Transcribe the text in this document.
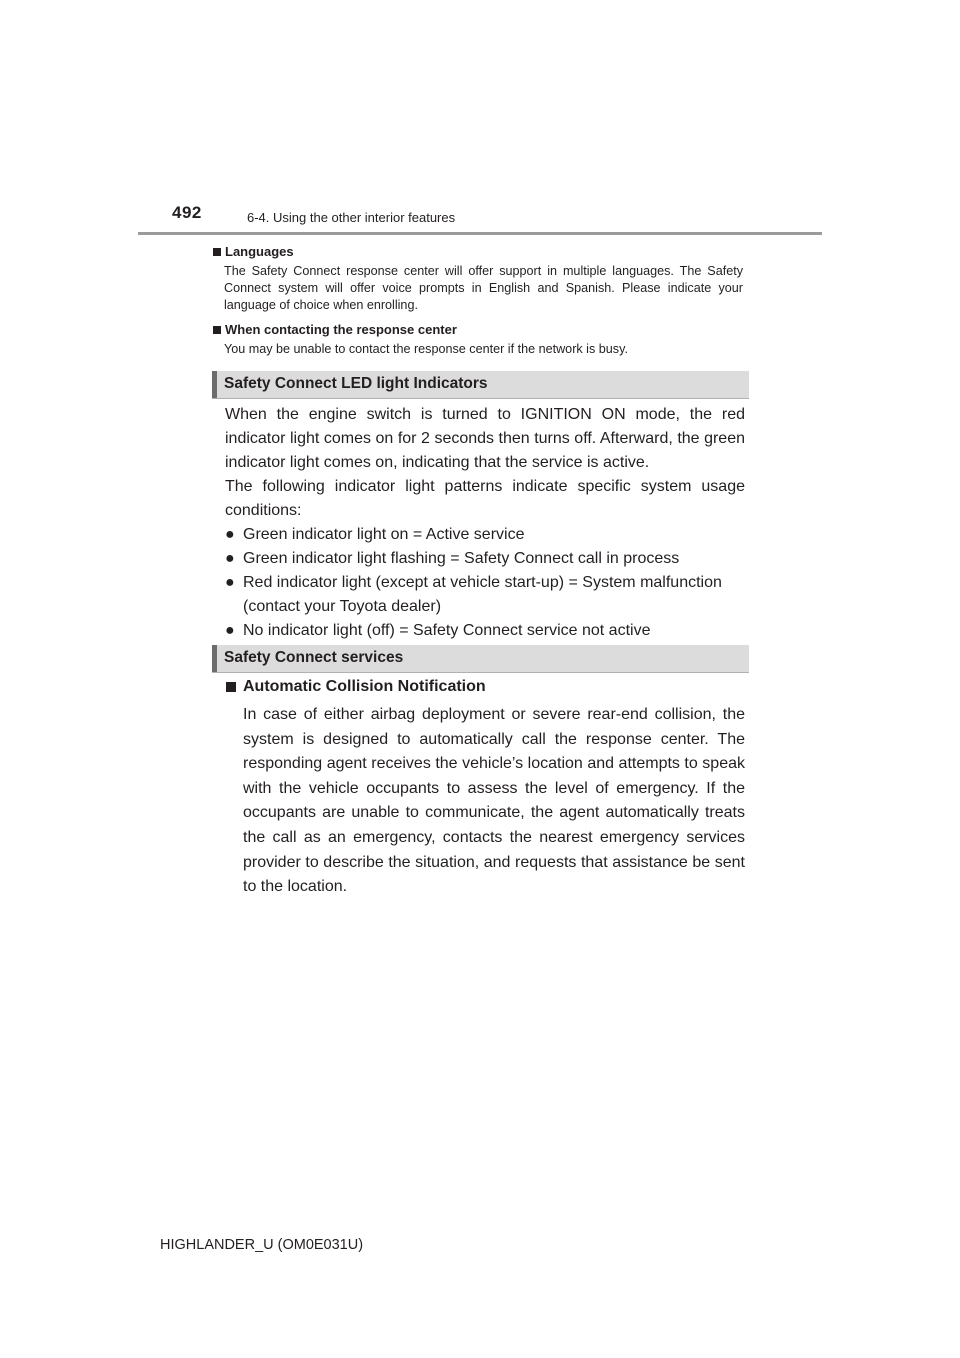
492	6-4. Using the other interior features
Languages
The Safety Connect response center will offer support in multiple languages. The Safety Connect system will offer voice prompts in English and Spanish. Please indicate your language of choice when enrolling.
When contacting the response center
You may be unable to contact the response center if the network is busy.
Safety Connect LED light Indicators

When the engine switch is turned to IGNITION ON mode, the red indicator light comes on for 2 seconds then turns off. Afterward, the green indicator light comes on, indicating that the service is active.

The following indicator light patterns indicate specific system usage conditions:

● Green indicator light on = Active service
● Green indicator light flashing = Safety Connect call in process
● Red indicator light (except at vehicle start-up) = System malfunction (contact your Toyota dealer)
● No indicator light (off) = Safety Connect service not active
Safety Connect services
Automatic Collision Notification
In case of either airbag deployment or severe rear-end collision, the system is designed to automatically call the response center. The responding agent receives the vehicle’s location and attempts to speak with the vehicle occupants to assess the level of emergency. If the occupants are unable to communicate, the agent automatically treats the call as an emergency, contacts the nearest emergency services provider to describe the situation, and requests that assistance be sent to the location.
HIGHLANDER_U (OM0E031U)
